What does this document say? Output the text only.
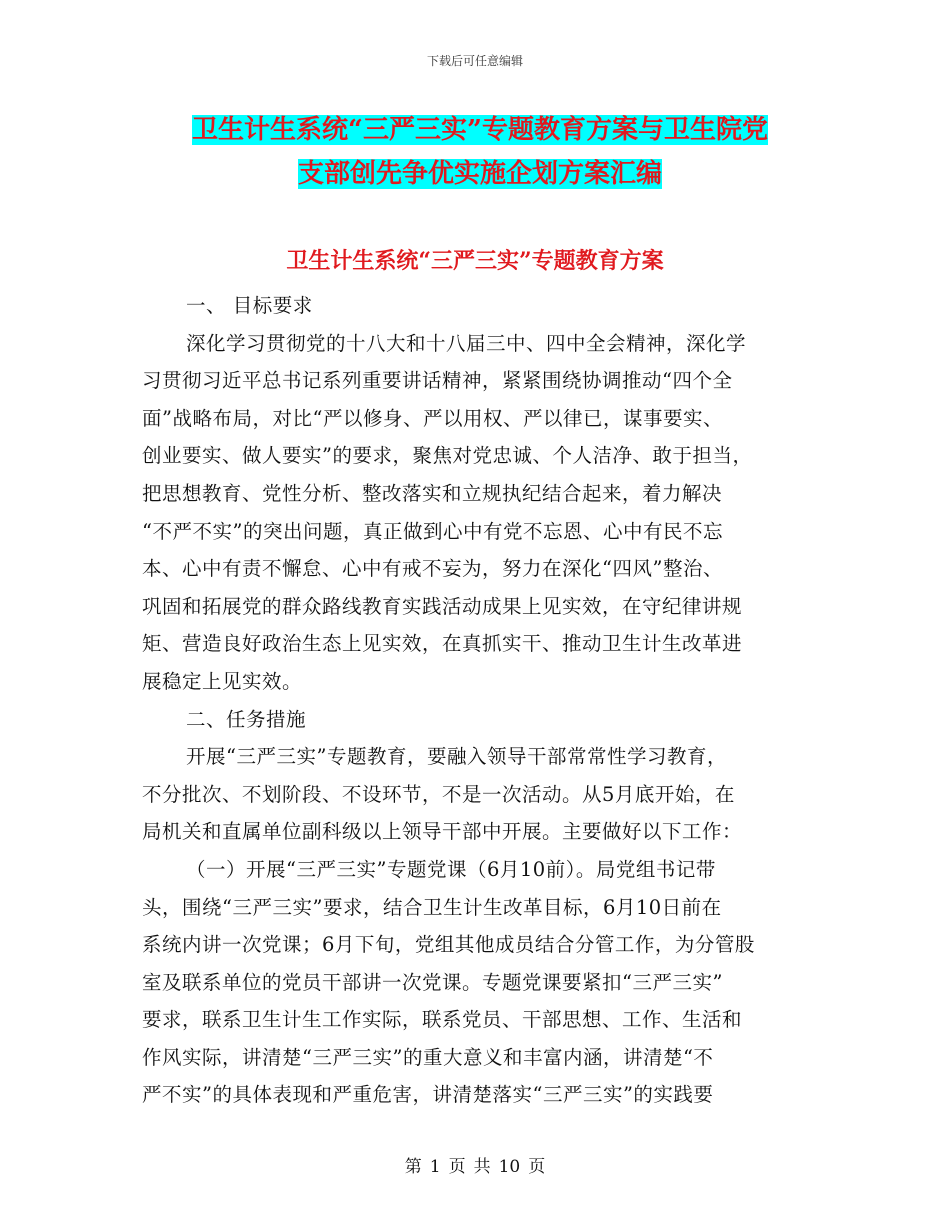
下载后可任意编辑
卫生计生系统“三严三实”专题教育方案与卫生院党
支部创先争优实施企划方案汇编
卫生计生系统“三严三实”专题教育方案
一、 目标要求
深化学习贯彻党的十八大和十八届三中、四中全会精神，深化学
习贯彻习近平总书记系列重要讲话精神，紧紧围绕协调推动“四个全
面”战略布局，对比“严以修身、严以用权、严以律已，谋事要实、
创业要实、做人要实”的要求，聚焦对党忠诚、个人洁净、敢于担当，
把思想教育、党性分析、整改落实和立规执纪结合起来，着力解决
“不严不实”的突出问题，真正做到心中有党不忘恩、心中有民不忘
本、心中有责不懈怠、心中有戒不妄为，努力在深化“四风”整治、
巩固和拓展党的群众路线教育实践活动成果上见实效，在守纪律讲规
矩、营造良好政治生态上见实效，在真抓实干、推动卫生计生改革进
展稳定上见实效。
二、任务措施
开展“三严三实”专题教育，要融入领导干部常常性学习教育，
不分批次、不划阶段、不设环节，不是一次活动。从5月底开始，在
局机关和直属单位副科级以上领导干部中开展。主要做好以下工作：
（一）开展“三严三实”专题党课（6月10前）。局党组书记带
头，围绕“三严三实”要求，结合卫生计生改革目标，6月10日前在
系统内讲一次党课；6月下旬，党组其他成员结合分管工作，为分管股
室及联系单位的党员干部讲一次党课。专题党课要紧扣“三严三实”
要求，联系卫生计生工作实际，联系党员、干部思想、工作、生活和
作风实际，讲清楚“三严三实”的重大意义和丰富内涵，讲清楚“不
严不实”的具体表现和严重危害，讲清楚落实“三严三实”的实践要
第 1 页 共 10 页
